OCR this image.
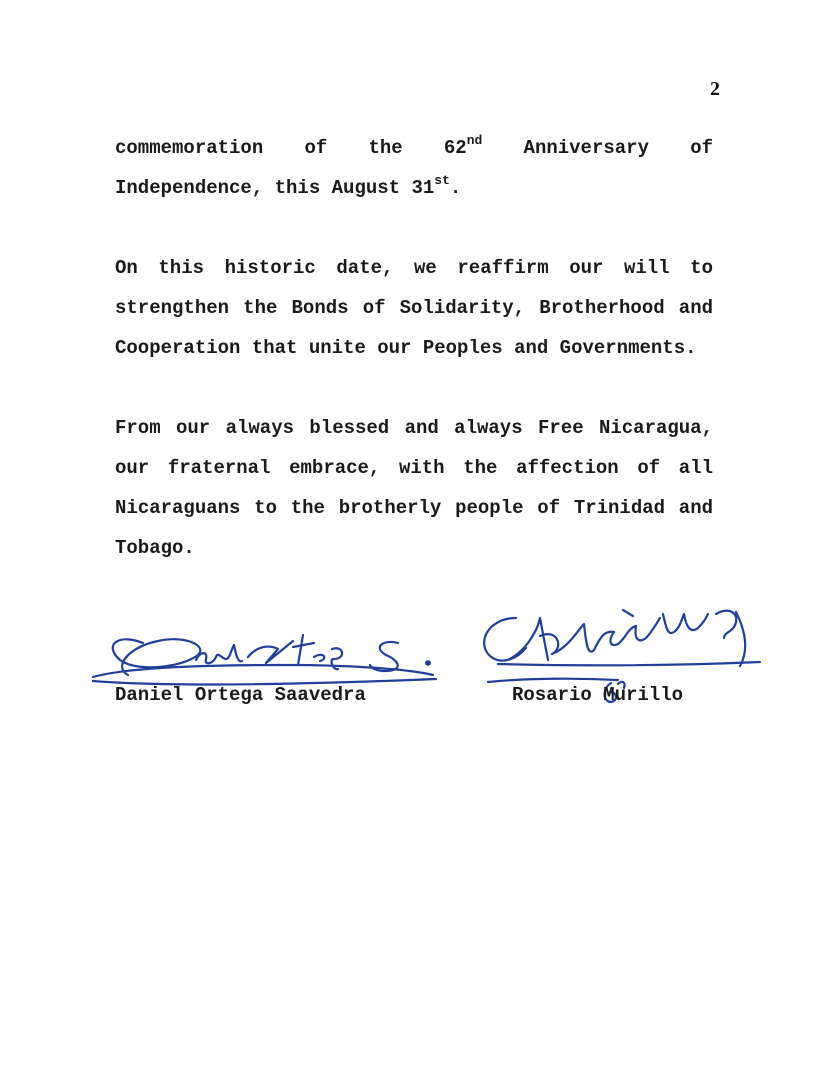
2

commemoration of the 62nd Anniversary of Independence, this August 31st.

On this historic date, we reaffirm our will to strengthen the Bonds of Solidarity, Brotherhood and Cooperation that unite our Peoples and Governments.

From our always blessed and always Free Nicaragua, our fraternal embrace, with the affection of all Nicaraguans to the brotherly people of Trinidad and Tobago.

Daniel Ortega Saavedra	Rosario Murillo
